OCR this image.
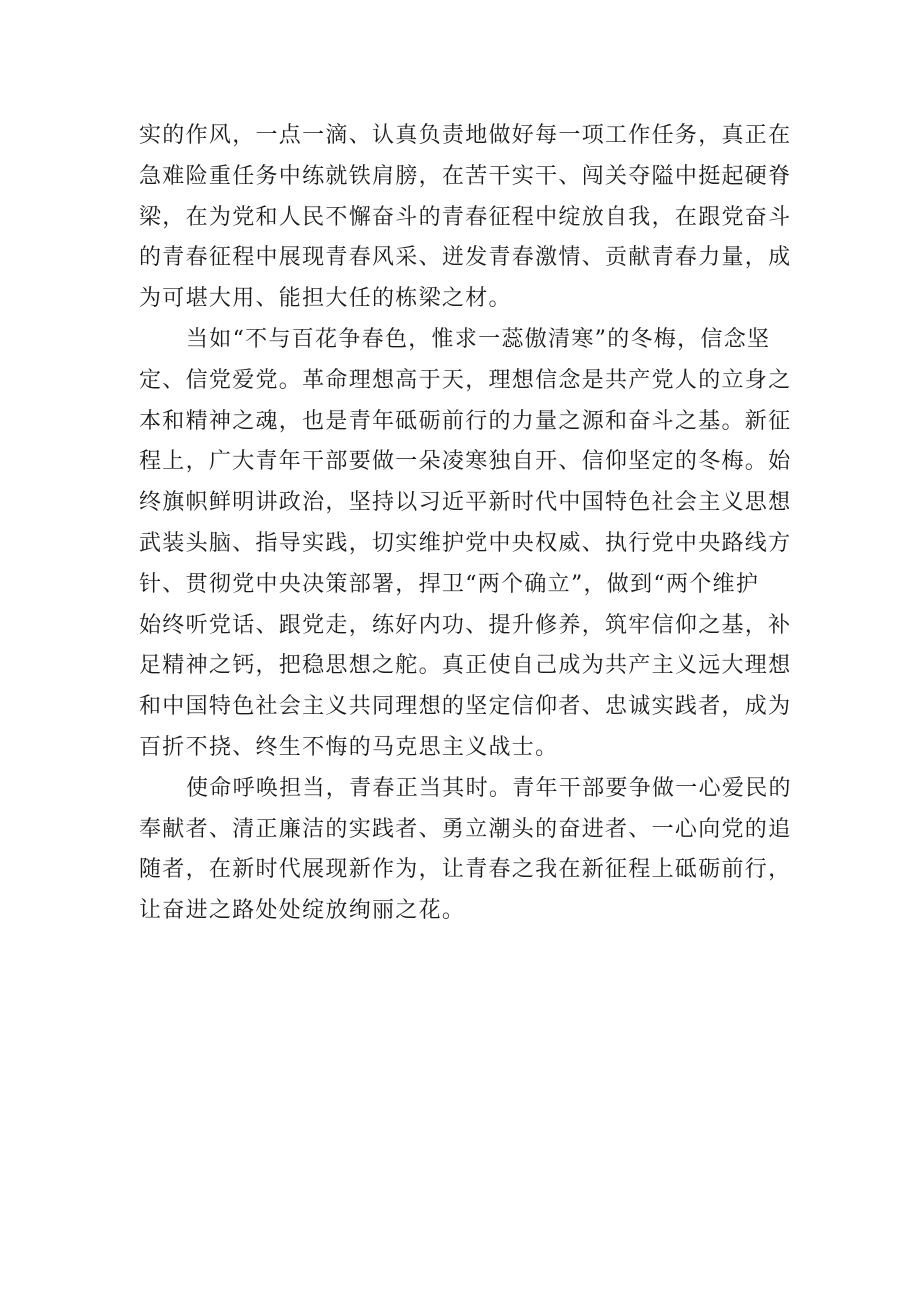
实的作风，一点一滴、认真负责地做好每一项工作任务，真正在
急难险重任务中练就铁肩膀，在苦干实干、闯关夺隘中挺起硬脊
梁，在为党和人民不懈奋斗的青春征程中绽放自我，在跟党奋斗
的青春征程中展现青春风采、迸发青春激情、贡献青春力量，成
为可堪大用、能担大任的栋梁之材。

当如“不与百花争春色，惟求一蕊傲清寒”的冬梅，信念坚
定、信党爱党。革命理想高于天，理想信念是共产党人的立身之
本和精神之魂，也是青年砥砺前行的力量之源和奋斗之基。新征
程上，广大青年干部要做一朵凌寒独自开、信仰坚定的冬梅。始
终旗帜鲜明讲政治，坚持以习近平新时代中国特色社会主义思想
武装头脑、指导实践，切实维护党中央权威、执行党中央路线方
针、贯彻党中央决策部署，捍卫“两个确立”，做到“两个维护
始终听党话、跟党走，练好内功、提升修养，筑牢信仰之基，补
足精神之钙，把稳思想之舵。真正使自己成为共产主义远大理想
和中国特色社会主义共同理想的坚定信仰者、忠诚实践者，成为
百折不挠、终生不悔的马克思主义战士。

使命呼唤担当，青春正当其时。青年干部要争做一心爱民的
奉献者、清正廉洁的实践者、勇立潮头的奋进者、一心向党的追
随者，在新时代展现新作为，让青春之我在新征程上砥砺前行，
让奋进之路处处绽放绚丽之花。
